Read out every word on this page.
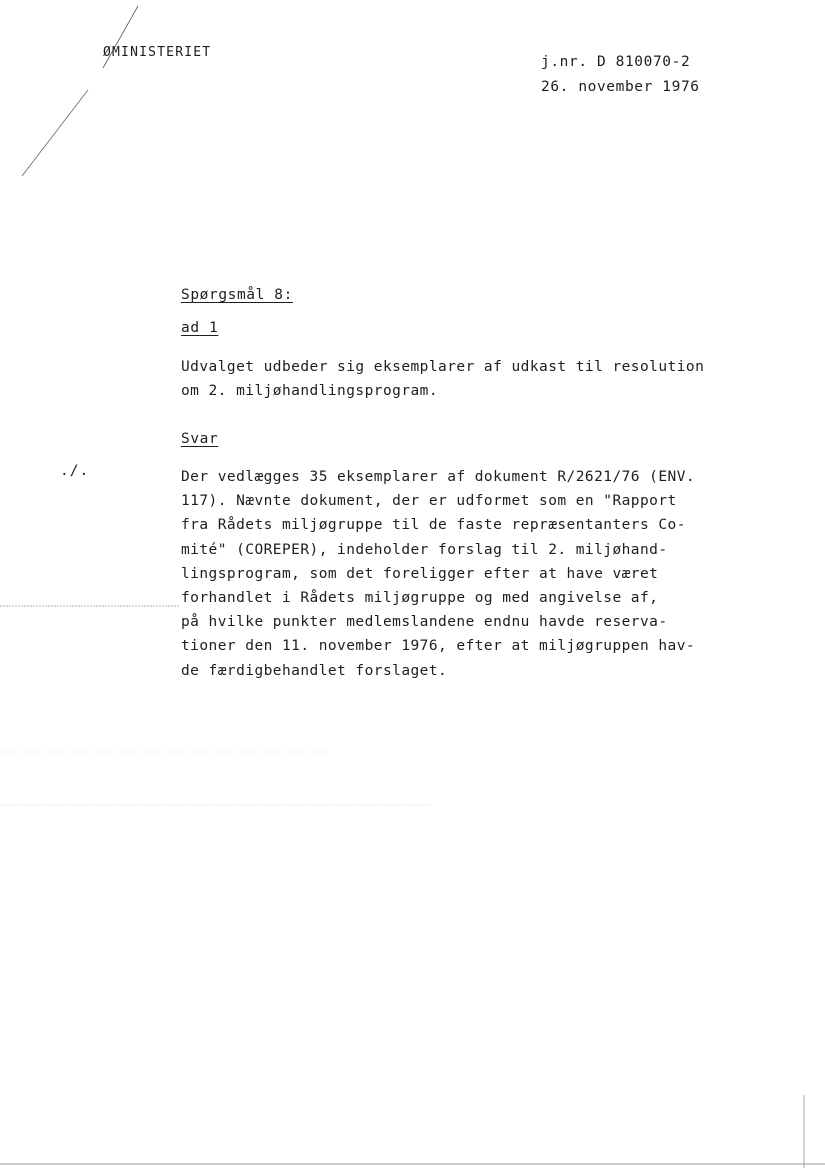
ØMINISTERIET
j.nr. D 810070-2
26. november 1976
Spørgsmål 8:
ad 1
Udvalget udbeder sig eksemplarer af udkast til resolution
om 2. miljøhandlingsprogram.
Svar
./.	Der vedlægges 35 eksemplarer af dokument R/2621/76 (ENV.
117). Nævnte dokument, der er udformet som en "Rapport
fra Rådets miljøgruppe til de faste repræsentanters Co-
mité" (COREPER), indeholder forslag til 2. miljøhand-
lingsprogram, som det foreligger efter at have været
forhandlet i Rådets miljøgruppe og med angivelse af,
på hvilke punkter medlemslandene endnu havde reserva-
tioner den 11. november 1976, efter at miljøgruppen hav-
de færdigbehandlet forslaget.
